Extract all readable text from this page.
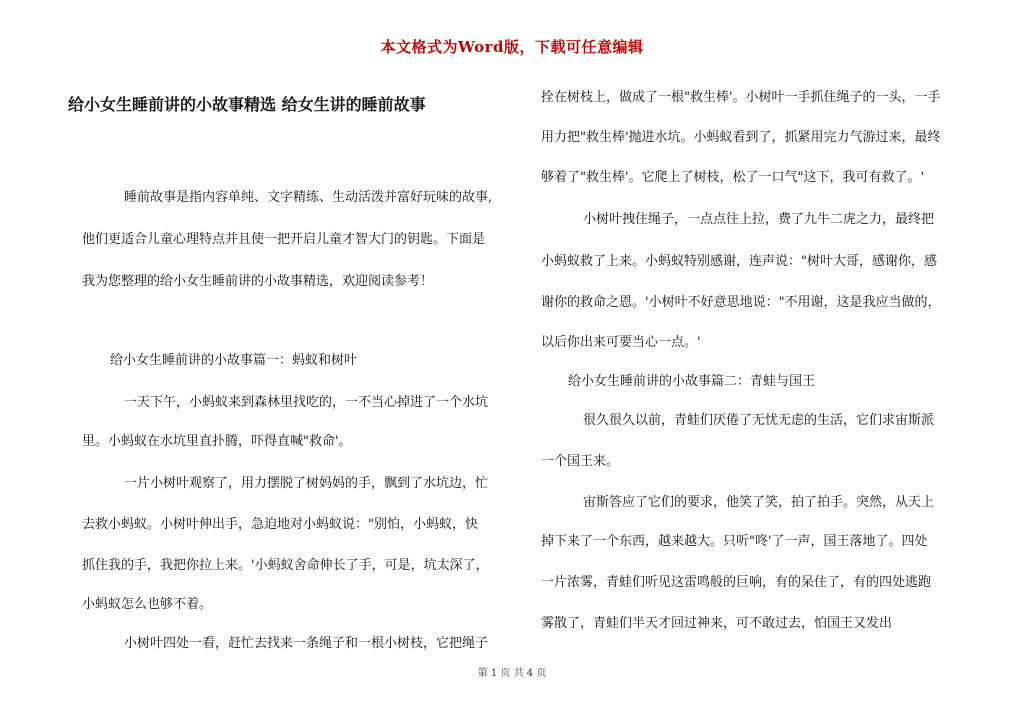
本文格式为Word版，下载可任意编辑
给小女生睡前讲的小故事精选 给女生讲的睡前故事
睡前故事是指内容单纯、文字精练、生动活泼并富好玩味的故事,
他们更适合儿童心理特点并且使一把开启儿童才智大门的钥匙。下面是
我为您整理的给小女生睡前讲的小故事精选，欢迎阅读参考！
给小女生睡前讲的小故事篇一：蚂蚁和树叶
一天下午，小蚂蚁来到森林里找吃的，一不当心掉进了一个水坑
里。小蚂蚁在水坑里直扑腾，吓得直喊"救命'。
一片小树叶观察了，用力摆脱了树妈妈的手，飘到了水坑边，忙
去救小蚂蚁。小树叶伸出手，急迫地对小蚂蚁说："别怕，小蚂蚁，快
抓住我的手，我把你拉上来。'小蚂蚁舍命伸长了手，可是，坑太深了，
小蚂蚁怎么也够不着。
小树叶四处一看，赶忙去找来一条绳子和一根小树枝，它把绳子
拴在树枝上，做成了一根"救生棒'。小树叶一手抓住绳子的一头，一手
用力把"救生棒'抛进水坑。小蚂蚁看到了，抓紧用完力气游过来，最终
够着了"救生棒'。它爬上了树枝，松了一口气"这下，我可有救了。'
小树叶拽住绳子，一点点往上拉，费了九牛二虎之力，最终把
小蚂蚁救了上来。小蚂蚁特别感谢，连声说："树叶大哥，感谢你，感
谢你的救命之恩。'小树叶不好意思地说："不用谢，这是我应当做的，
以后你出来可要当心一点。'
给小女生睡前讲的小故事篇二：青蛙与国王
很久很久以前，青蛙们厌倦了无忧无虑的生活，它们求宙斯派
一个国王来。
宙斯答应了它们的要求，他笑了笑，拍了拍手。突然，从天上
掉下来了一个东西，越来越大。只听"咚'了一声，国王落地了。四处
一片浓雾，青蛙们听见这雷鸣般的巨响，有的呆住了，有的四处逃跑
雾散了，青蛙们半天才回过神来，可不敢过去，怕国王又发出
第 1 页 共 4 页
